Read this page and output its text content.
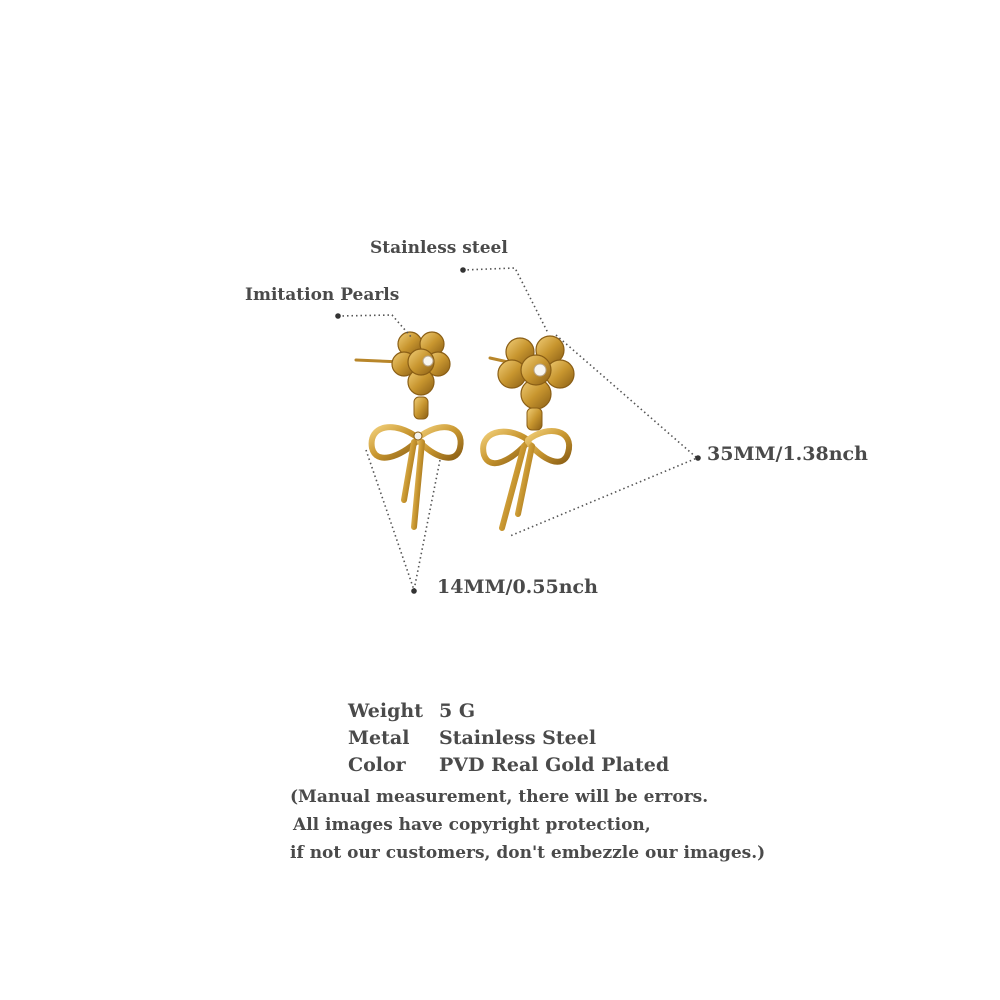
Stainless steel
Imitation Pearls
35MM/1.38nch
14MM/0.55nch
Weight 5 G
Metal Stainless Steel
Color PVD Real Gold Plated
(Manual measurement, there will be errors.
All images have copyright protection,
if not our customers, don't embezzle our images.)
